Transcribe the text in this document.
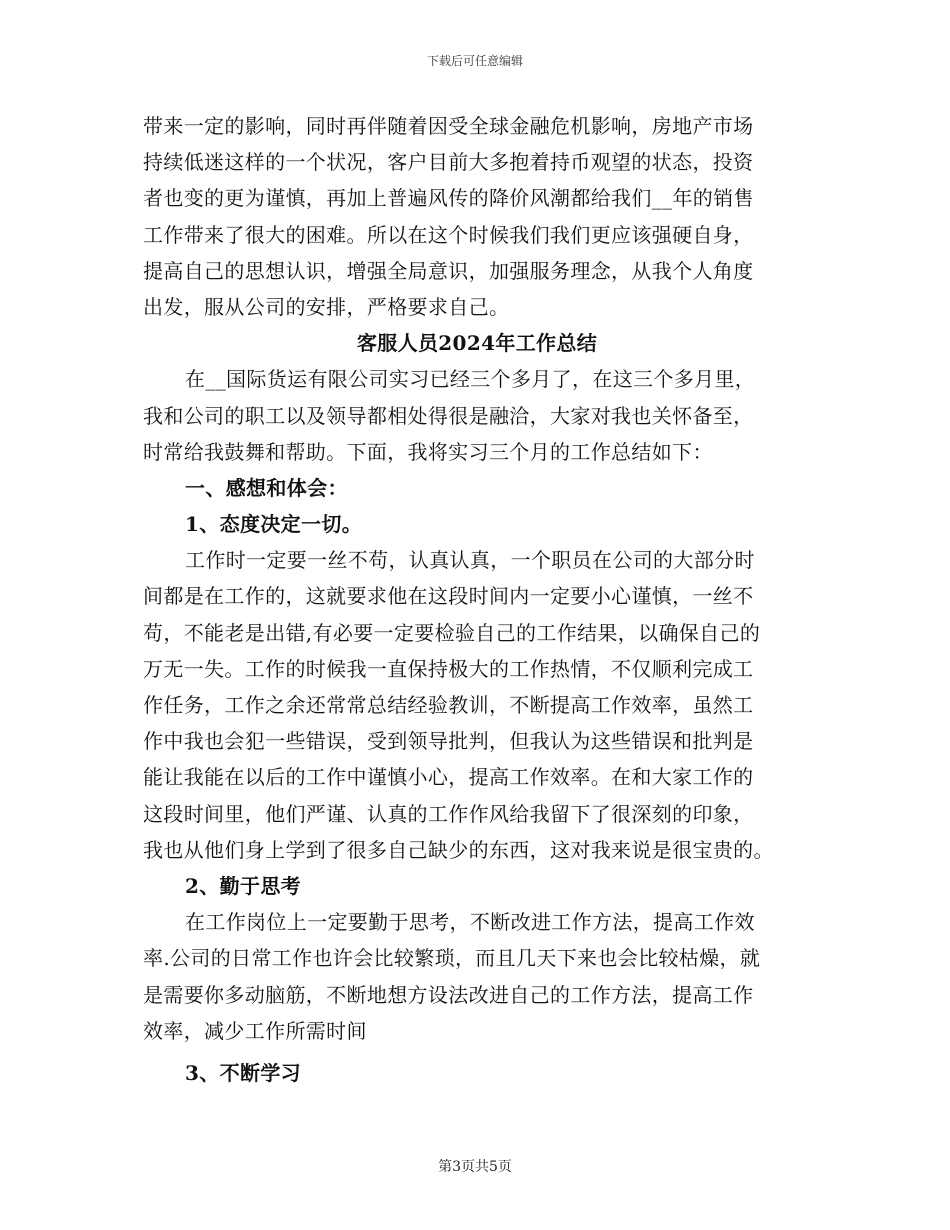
下载后可任意编辑
带来一定的影响，同时再伴随着因受全球金融危机影响，房地产市场
持续低迷这样的一个状况，客户目前大多抱着持币观望的状态，投资
者也变的更为谨慎，再加上普遍风传的降价风潮都给我们__年的销售
工作带来了很大的困难。所以在这个时候我们我们更应该强硬自身，
提高自己的思想认识，增强全局意识，加强服务理念，从我个人角度
出发，服从公司的安排，严格要求自己。
客服人员2024年工作总结
在__国际货运有限公司实习已经三个多月了，在这三个多月里，
我和公司的职工以及领导都相处得很是融洽，大家对我也关怀备至，
时常给我鼓舞和帮助。下面，我将实习三个月的工作总结如下：
一、感想和体会：
1、态度决定一切。
工作时一定要一丝不苟，认真认真，一个职员在公司的大部分时
间都是在工作的，这就要求他在这段时间内一定要小心谨慎，一丝不
苟，不能老是出错,有必要一定要检验自己的工作结果，以确保自己的
万无一失。工作的时候我一直保持极大的工作热情，不仅顺利完成工
作任务，工作之余还常常总结经验教训，不断提高工作效率，虽然工
作中我也会犯一些错误，受到领导批判，但我认为这些错误和批判是
能让我能在以后的工作中谨慎小心，提高工作效率。在和大家工作的
这段时间里，他们严谨、认真的工作作风给我留下了很深刻的印象，
我也从他们身上学到了很多自己缺少的东西，这对我来说是很宝贵的。
2、勤于思考
在工作岗位上一定要勤于思考，不断改进工作方法，提高工作效
率.公司的日常工作也许会比较繁琐，而且几天下来也会比较枯燥，就
是需要你多动脑筋，不断地想方设法改进自己的工作方法，提高工作
效率，减少工作所需时间
3、不断学习
第3页共5页
